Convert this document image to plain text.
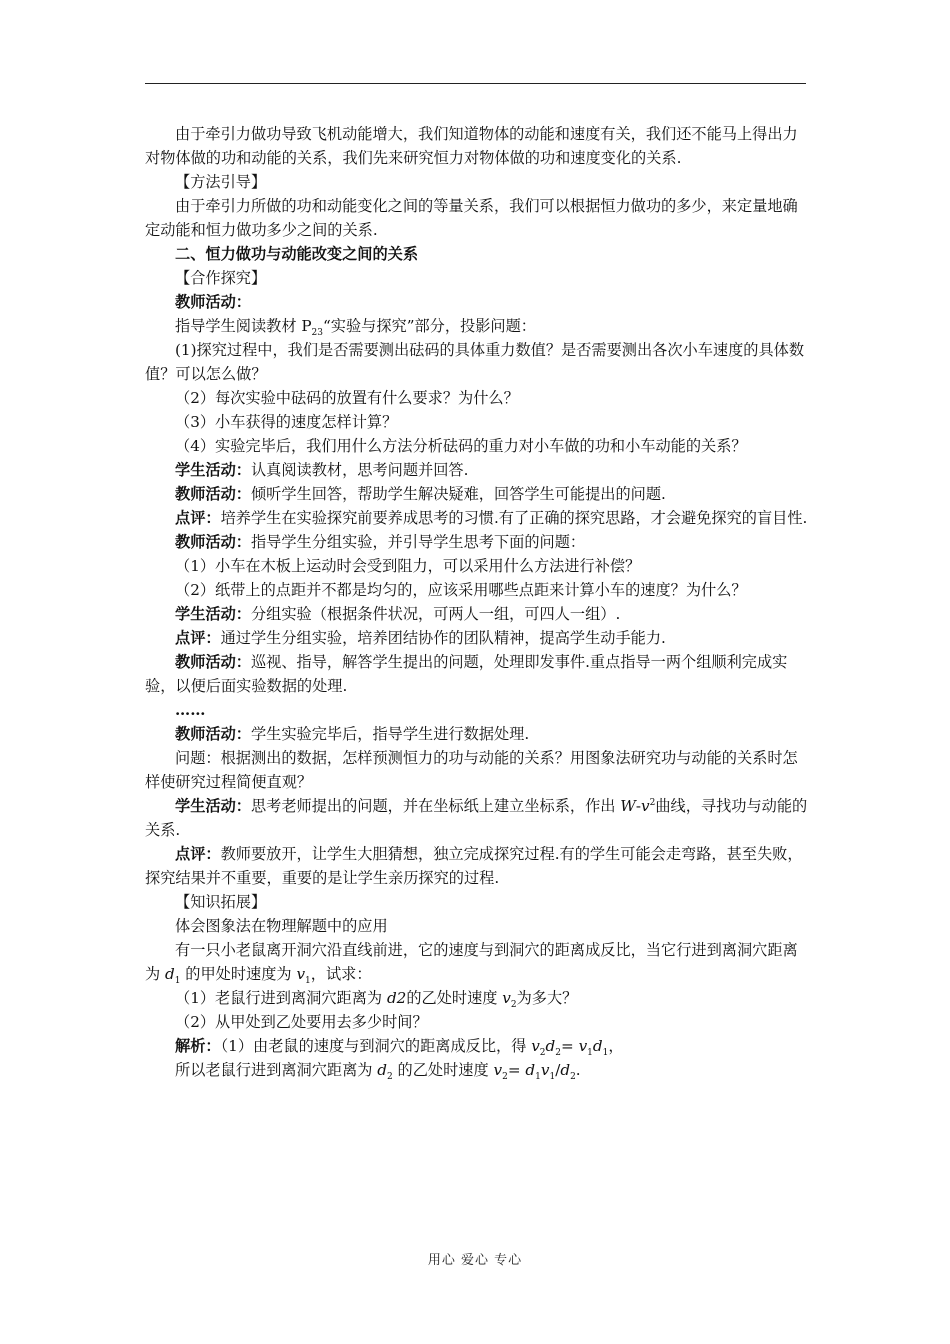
由于牵引力做功导致飞机动能增大，我们知道物体的动能和速度有关，我们还不能马上得出力对物体做的功和动能的关系，我们先来研究恒力对物体做的功和速度变化的关系.

【方法引导】

由于牵引力所做的功和动能变化之间的等量关系，我们可以根据恒力做功的多少，来定量地确定动能和恒力做功多少之间的关系.

二、恒力做功与动能改变之间的关系

【合作探究】

教师活动：

指导学生阅读教材 $P_{23}“$实验与探究”部分，投影问题：

(1)探究过程中，我们是否需要测出砝码的具体重力数值？是否需要测出各次小车速度的具体数值？可以怎么做？

（2）每次实验中砝码的放置有什么要求？为什么？

（3）小车获得的速度怎样计算？

（4）实验完毕后，我们用什么方法分析砝码的重力对小车做的功和小车动能的关系？

学生活动：认真阅读教材，思考问题并回答.

教师活动：倾听学生回答，帮助学生解决疑难，回答学生可能提出的问题.

点评：培养学生在实验探究前要养成思考的习惯.有了正确的探究思路，才会避免探究的盲目性.

教师活动：指导学生分组实验，并引导学生思考下面的问题：

（1）小车在木板上运动时会受到阻力，可以采用什么方法进行补偿？

（2）纸带上的点距并不都是均匀的，应该采用哪些点距来计算小车的速度？为什么？

学生活动：分组实验（根据条件状况，可两人一组，可四人一组）.

点评：通过学生分组实验，培养团结协作的团队精神，提高学生动手能力.

教师活动：巡视、指导，解答学生提出的问题，处理即发事件.重点指导一两个组顺利完成实验，以便后面实验数据的处理.

……

教师活动：学生实验完毕后，指导学生进行数据处理.

问题：根据测出的数据，怎样预测恒力的功与动能的关系？用图象法研究功与动能的关系时怎样使研究过程简便直观？

学生活动：思考老师提出的问题，并在坐标纸上建立坐标系，作出 $W-v^2$曲线，寻找功与动能的关系.

点评：教师要放开，让学生大胆猜想，独立完成探究过程.有的学生可能会走弯路，甚至失败，探究结果并不重要，重要的是让学生亲历探究的过程.

【知识拓展】

体会图象法在物理解题中的应用

有一只小老鼠离开洞穴沿直线前进，它的速度与到洞穴的距离成反比，当它行进到离洞穴距离为 $d_1$ 的甲处时速度为 $v_1$，试求：

（1）老鼠行进到离洞穴距离为 d2的乙处时速度 $v_2$为多大？

（2）从甲处到乙处要用去多少时间？

解析：（1）由老鼠的速度与到洞穴的距离成反比，得 $v_2d_2= v_1d_1$，

所以老鼠行进到离洞穴距离为 $d_2$ 的乙处时速度 $v_2= d_1v_1/d_2$.

用心 爱心 专心
